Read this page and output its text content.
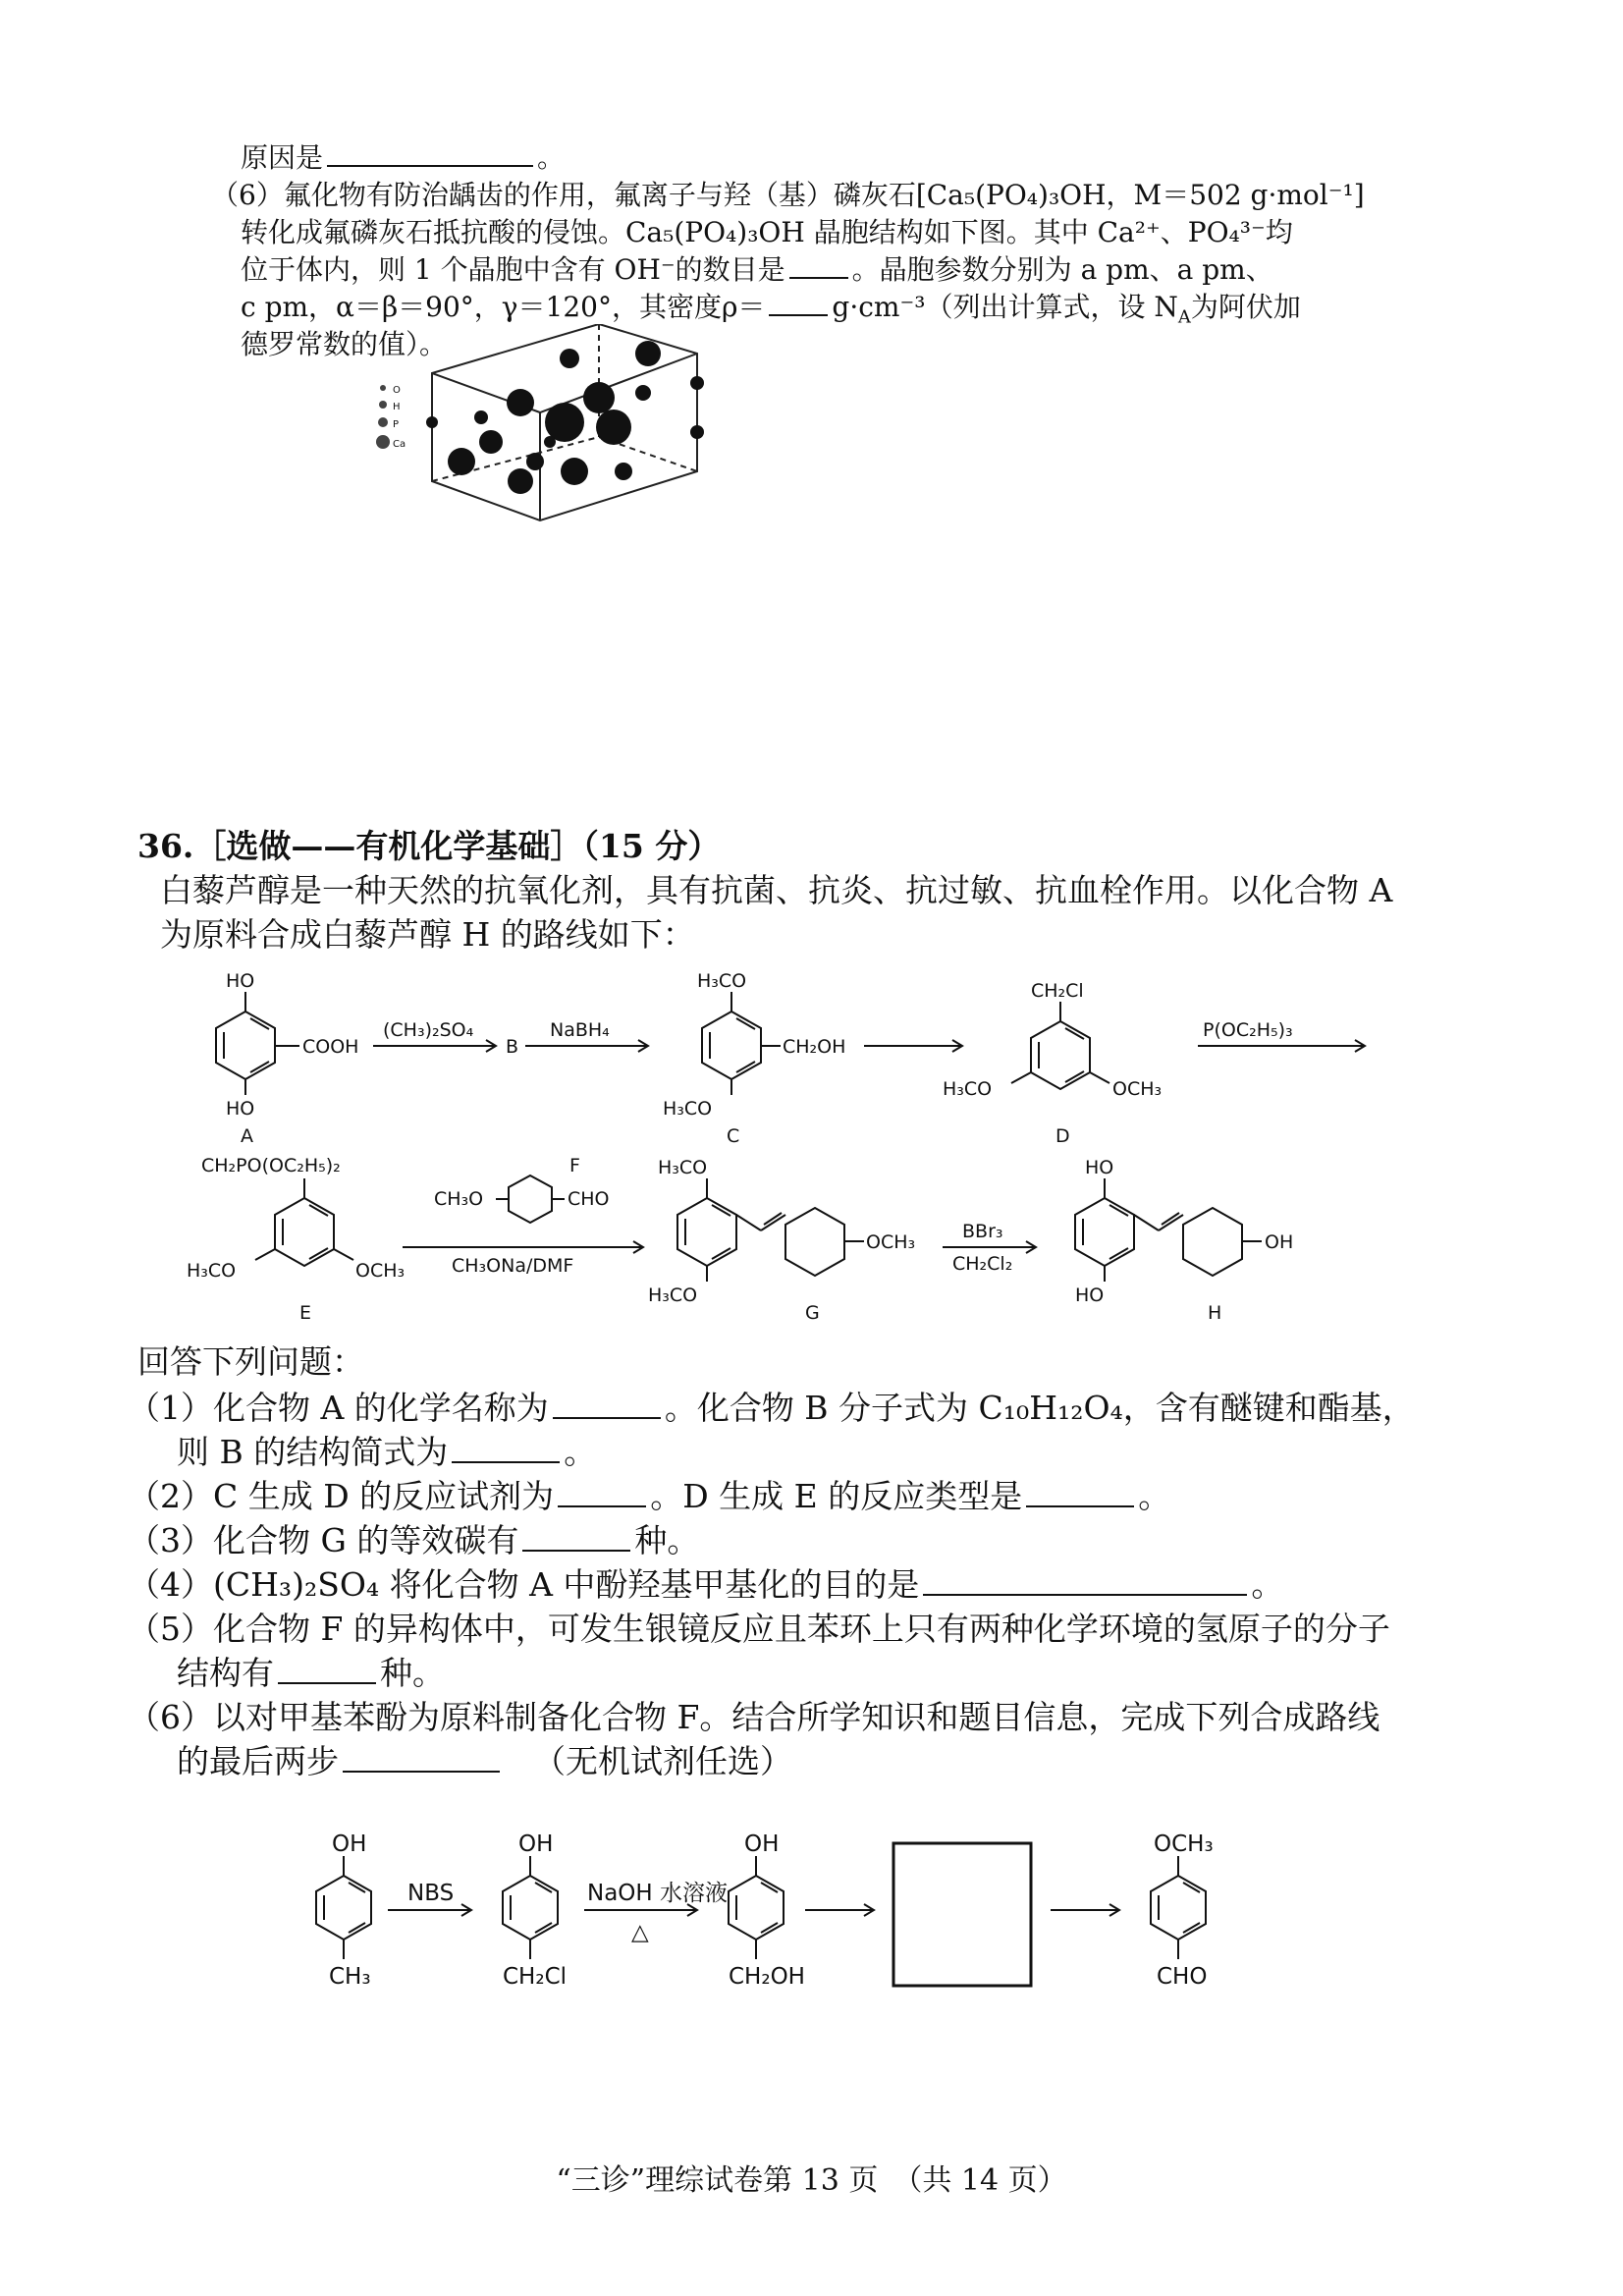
原因是	。
（6）氟化物有防治龋齿的作用，氟离子与羟（基）磷灰石[Ca₅(PO₄)₃OH，M＝502 g·mol⁻¹]
转化成氟磷灰石抵抗酸的侵蚀。Ca₅(PO₄)₃OH 晶胞结构如下图。其中 Ca²⁺、PO₄³⁻均
位于体内，则 1 个晶胞中含有 OH⁻的数目是 。晶胞参数分别为 a pm、a pm、
c pm，α＝β＝90°，γ＝120°，其密度ρ＝ g·cm⁻³（列出计算式，设 $N_A$为阿伏加
德罗常数的值）。
O
H
P
Ca
36.［选做——有机化学基础］（15 分）
白藜芦醇是一种天然的抗氧化剂，具有抗菌、抗炎、抗过敏、抗血栓作用。以化合物 A
为原料合成白藜芦醇 H 的路线如下：
HO
HO
COOH
A
(CH₃)₂SO₄
B
NaBH₄
H₃CO
H₃CO
CH₂OH
C
CH₂Cl
H₃CO	OCH₃
D
P(OC₂H₅)₃
CH₂PO(OC₂H₅)₂
H₃CO	OCH₃
E
CH₃O	CHO
F
CH₃ONa/DMF
H₃CO
H₃CO
OCH₃
G
BBr₃
CH₂Cl₂
HO
HO
OH
H
回答下列问题：
（1）化合物 A 的化学名称为	。化合物 B 分子式为 C₁₀H₁₂O₄，含有醚键和酯基，
则 B 的结构简式为	。
（2）C 生成 D 的反应试剂为	。D 生成 E 的反应类型是	。
（3）化合物 G 的等效碳有	种。
（4）(CH₃)₂SO₄ 将化合物 A 中酚羟基甲基化的目的是	。
（5）化合物 F 的异构体中，可发生银镜反应且苯环上只有两种化学环境的氢原子的分子
结构有	种。
（6）以对甲基苯酚为原料制备化合物 F。结合所学知识和题目信息，完成下列合成路线
的最后两步	（无机试剂任选）
OH
CH₃
NBS
OH
CH₂Cl
NaOH 水溶液
△
OH
CH₂OH
OCH₃
CHO
“三诊”理综试卷第 13 页　（共 14 页）
